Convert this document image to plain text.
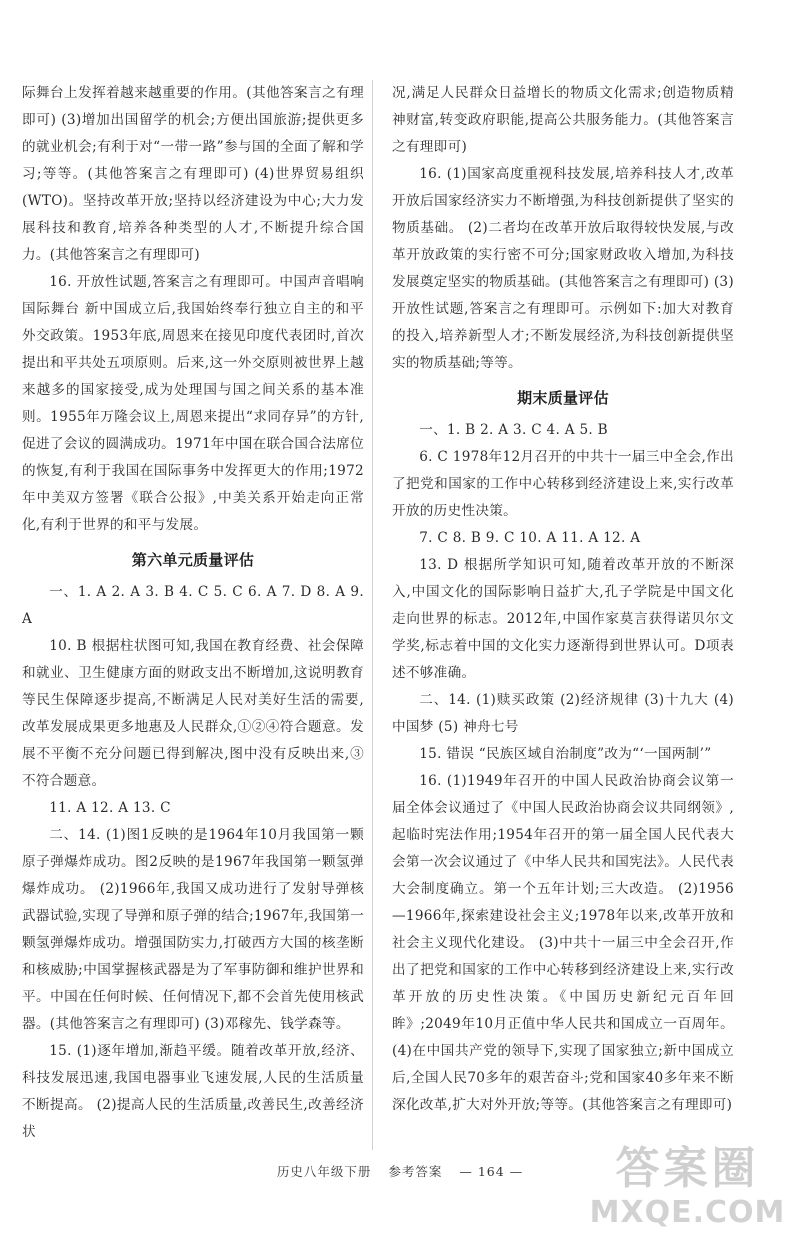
际舞台上发挥着越来越重要的作用。(其他答案言之有理即可) (3)增加出国留学的机会;方便出国旅游;提供更多的就业机会;有利于对“一带一路”参与国的全面了解和学习;等等。(其他答案言之有理即可) (4)世界贸易组织(WTO)。坚持改革开放;坚持以经济建设为中心;大力发展科技和教育,培养各种类型的人才,不断提升综合国力。(其他答案言之有理即可)

16. 开放性试题,答案言之有理即可。中国声音唱响国际舞台 新中国成立后,我国始终奉行独立自主的和平外交政策。1953年底,周恩来在接见印度代表团时,首次提出和平共处五项原则。后来,这一外交原则被世界上越来越多的国家接受,成为处理国与国之间关系的基本准则。1955年万隆会议上,周恩来提出“求同存异”的方针,促进了会议的圆满成功。1971年中国在联合国合法席位的恢复,有利于我国在国际事务中发挥更大的作用;1972年中美双方签署《联合公报》,中美关系开始走向正常化,有利于世界的和平与发展。

第六单元质量评估

一、1. A 2. A 3. B 4. C 5. C 6. A 7. D 8. A 9. A

10. B 根据柱状图可知,我国在教育经费、社会保障和就业、卫生健康方面的财政支出不断增加,这说明教育等民生保障逐步提高,不断满足人民对美好生活的需要,改革发展成果更多地惠及人民群众,①②④符合题意。发展不平衡不充分问题已得到解决,图中没有反映出来,③不符合题意。

11. A 12. A 13. C

二、14. (1)图1反映的是1964年10月我国第一颗原子弹爆炸成功。图2反映的是1967年我国第一颗氢弹爆炸成功。 (2)1966年,我国又成功进行了发射导弹核武器试验,实现了导弹和原子弹的结合;1967年,我国第一颗氢弹爆炸成功。增强国防实力,打破西方大国的核垄断和核威胁;中国掌握核武器是为了军事防御和维护世界和平。中国在任何时候、任何情况下,都不会首先使用核武器。(其他答案言之有理即可) (3)邓稼先、钱学森等。

15. (1)逐年增加,渐趋平缓。随着改革开放,经济、科技发展迅速,我国电器事业飞速发展,人民的生活质量不断提高。 (2)提高人民的生活质量,改善民生,改善经济状

况,满足人民群众日益增长的物质文化需求;创造物质精神财富,转变政府职能,提高公共服务能力。(其他答案言之有理即可)

16. (1)国家高度重视科技发展,培养科技人才,改革开放后国家经济实力不断增强,为科技创新提供了坚实的物质基础。 (2)二者均在改革开放后取得较快发展,与改革开放政策的实行密不可分;国家财政收入增加,为科技发展奠定坚实的物质基础。(其他答案言之有理即可) (3)开放性试题,答案言之有理即可。示例如下:加大对教育的投入,培养新型人才;不断发展经济,为科技创新提供坚实的物质基础;等等。

期末质量评估

一、1. B 2. A 3. C 4. A 5. B

6. C 1978年12月召开的中共十一届三中全会,作出了把党和国家的工作中心转移到经济建设上来,实行改革开放的历史性决策。

7. C 8. B 9. C 10. A 11. A 12. A

13. D 根据所学知识可知,随着改革开放的不断深入,中国文化的国际影响日益扩大,孔子学院是中国文化走向世界的标志。2012年,中国作家莫言获得诺贝尔文学奖,标志着中国的文化实力逐渐得到世界认可。D项表述不够准确。

二、14. (1)赎买政策 (2)经济规律 (3)十九大 (4)中国梦 (5) 神舟七号

15. 错误 “民族区域自治制度”改为“‘一国两制’”

16. (1)1949年召开的中国人民政治协商会议第一届全体会议通过了《中国人民政治协商会议共同纲领》,起临时宪法作用;1954年召开的第一届全国人民代表大会第一次会议通过了《中华人民共和国宪法》。人民代表大会制度确立。第一个五年计划;三大改造。 (2)1956—1966年,探索建设社会主义;1978年以来,改革开放和社会主义现代化建设。 (3)中共十一届三中全会召开,作出了把党和国家的工作中心转移到经济建设上来,实行改革开放的历史性决策。《中国历史新纪元百年回眸》;2049年10月正值中华人民共和国成立一百周年。 (4)在中国共产党的领导下,实现了国家独立;新中国成立后,全国人民70多年的艰苦奋斗;党和国家40多年来不断深化改革,扩大对外开放;等等。(其他答案言之有理即可)

历史八年级下册 参考答案 — 164 —	答案圈
MXQE.COM
